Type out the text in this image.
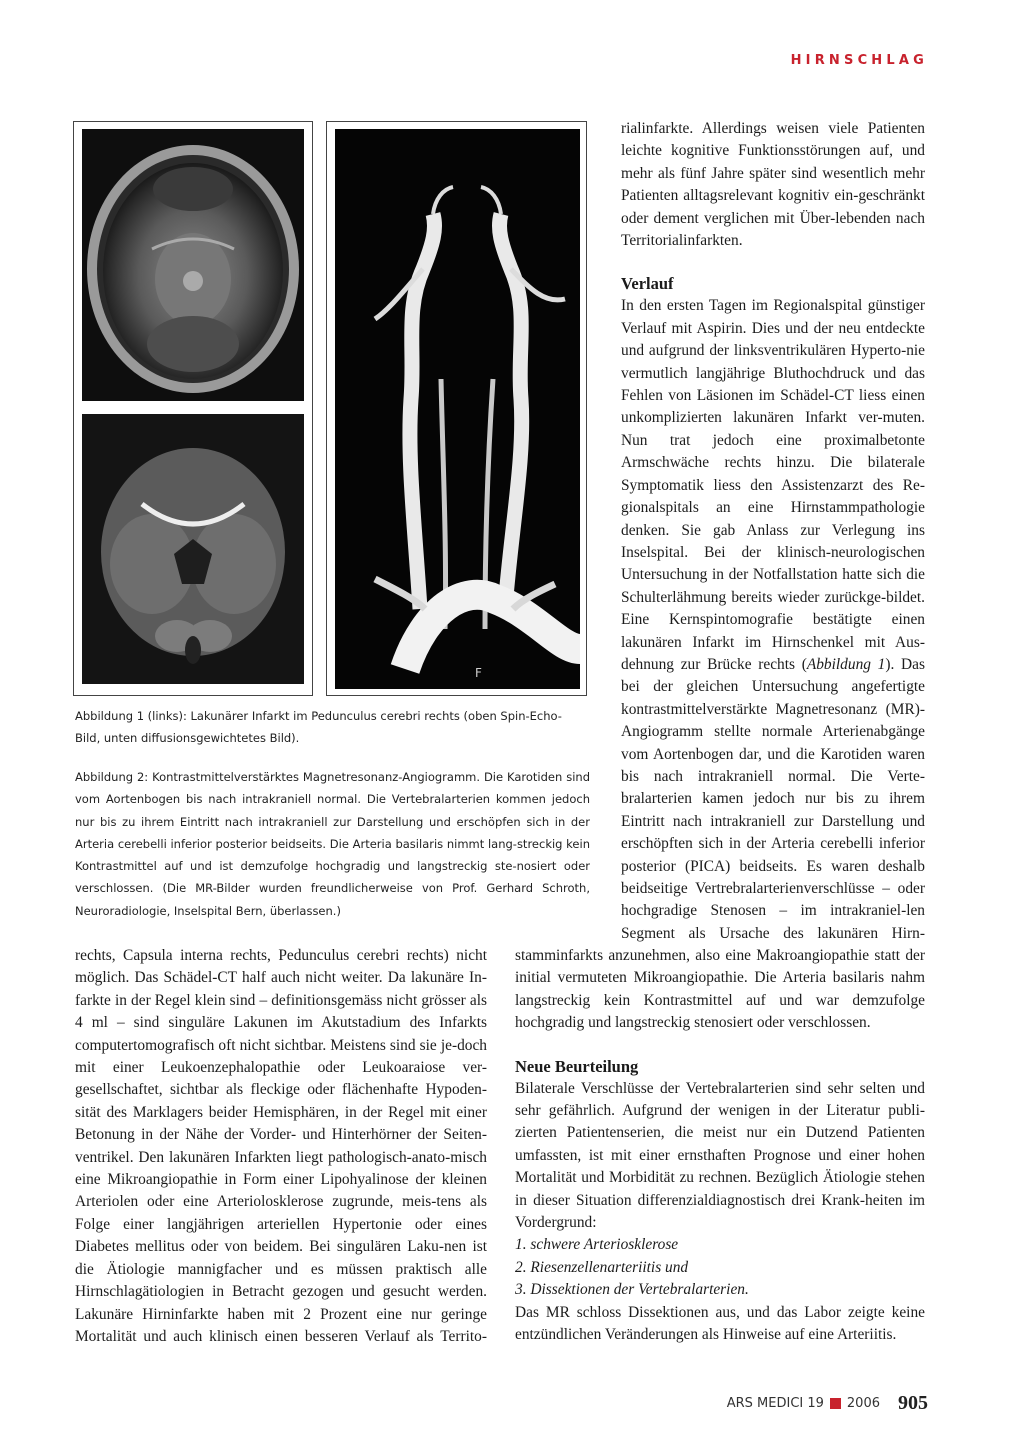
HIRNSCHLAG
F

Abbildung 1 (links): Lakunärer Infarkt im Pedunculus cerebri rechts (oben Spin-Echo-Bild, unten diffusionsgewichtetes Bild).

Abbildung 2: Kontrastmittelverstärktes Magnetresonanz-Angiogramm. Die Karotiden sind vom Aortenbogen bis nach intrakraniell normal. Die Vertebralarterien kommen jedoch nur bis zu ihrem Eintritt nach intrakraniell zur Darstellung und erschöpfen sich in der Arteria cerebelli inferior posterior beidseits. Die Arteria basilaris nimmt lang-streckig kein Kontrastmittel auf und ist demzufolge hochgradig und langstreckig ste-nosiert oder verschlossen. (Die MR-Bilder wurden freundlicherweise von Prof. Gerhard Schroth, Neuroradiologie, Inselspital Bern, überlassen.)

rialinfarkte. Allerdings weisen viele Patienten leichte kognitive Funktionsstörungen auf, und mehr als fünf Jahre später sind wesentlich mehr Patienten alltagsrelevant kognitiv ein-geschränkt oder dement verglichen mit Über-lebenden nach Territorialinfarkten.

Verlauf

In den ersten Tagen im Regionalspital günstiger Verlauf mit Aspirin. Dies und der neu entdeckte und aufgrund der linksventrikulären Hyperto-nie vermutlich langjährige Bluthochdruck und das Fehlen von Läsionen im Schädel-CT liess einen unkomplizierten lakunären Infarkt ver-muten. Nun trat jedoch eine proximalbetonte Armschwäche rechts hinzu. Die bilaterale Symptomatik liess den Assistenzarzt des Re-gionalspitals an eine Hirnstammpathologie denken. Sie gab Anlass zur Verlegung ins Inselspital. Bei der klinisch-neurologischen Untersuchung in der Notfallstation hatte sich die Schulterlähmung bereits wieder zurückge-bildet. Eine Kernspintomografie bestätigte einen lakunären Infarkt im Hirnschenkel mit Aus-dehnung zur Brücke rechts (Abbildung 1). Das bei der gleichen Untersuchung angefertigte kontrastmittelverstärkte Magnetresonanz (MR)-Angiogramm stellte normale Arterienabgänge vom Aortenbogen dar, und die Karotiden waren bis nach intrakraniell normal. Die Verte-bralarterien kamen jedoch nur bis zu ihrem Eintritt nach intrakraniell zur Darstellung und erschöpften sich in der Arteria cerebelli inferior posterior (PICA) beidseits. Es waren deshalb beidseitige Vertrebralarterienverschlüsse – oder hochgradige Stenosen – im intrakraniel-len Segment als Ursache des lakunären Hirn-

rechts, Capsula interna rechts, Pedunculus cerebri rechts) nicht möglich. Das Schädel-CT half auch nicht weiter. Da lakunäre In-farkte in der Regel klein sind – definitionsgemäss nicht grösser als 4 ml – sind singuläre Lakunen im Akutstadium des Infarkts computertomografisch oft nicht sichtbar. Meistens sind sie je-doch mit einer Leukoenzephalopathie oder Leukoaraiose ver-gesellschaftet, sichtbar als fleckige oder flächenhafte Hypoden-sität des Marklagers beider Hemisphären, in der Regel mit einer Betonung in der Nähe der Vorder- und Hinterhörner der Seiten-ventrikel. Den lakunären Infarkten liegt pathologisch-anato-misch eine Mikroangiopathie in Form einer Lipohyalinose der kleinen Arteriolen oder eine Arteriolosklerose zugrunde, meis-tens als Folge einer langjährigen arteriellen Hypertonie oder eines Diabetes mellitus oder von beidem. Bei singulären Laku-nen ist die Ätiologie mannigfacher und es müssen praktisch alle Hirnschlagätiologien in Betracht gezogen und gesucht werden. Lakunäre Hirninfarkte haben mit 2 Prozent eine nur geringe Mortalität und auch klinisch einen besseren Verlauf als Territo-

stamminfarkts anzunehmen, also eine Makroangiopathie statt der initial vermuteten Mikroangiopathie. Die Arteria basilaris nahm langstreckig kein Kontrastmittel auf und war demzufolge hochgradig und langstreckig stenosiert oder verschlossen.

Neue Beurteilung

Bilaterale Verschlüsse der Vertebralarterien sind sehr selten und sehr gefährlich. Aufgrund der wenigen in der Literatur publi-zierten Patientenserien, die meist nur ein Dutzend Patienten umfassten, ist mit einer ernsthaften Prognose und einer hohen Mortalität und Morbidität zu rechnen. Bezüglich Ätiologie stehen in dieser Situation differenzialdiagnostisch drei Krank-heiten im Vordergrund:

1. schwere Arteriosklerose
2. Riesenzellenarteriitis und
3. Dissektionen der Vertebralarterien.

Das MR schloss Dissektionen aus, und das Labor zeigte keine entzündlichen Veränderungen als Hinweise auf eine Arteriitis.

ARS MEDICI 19 2006 905
